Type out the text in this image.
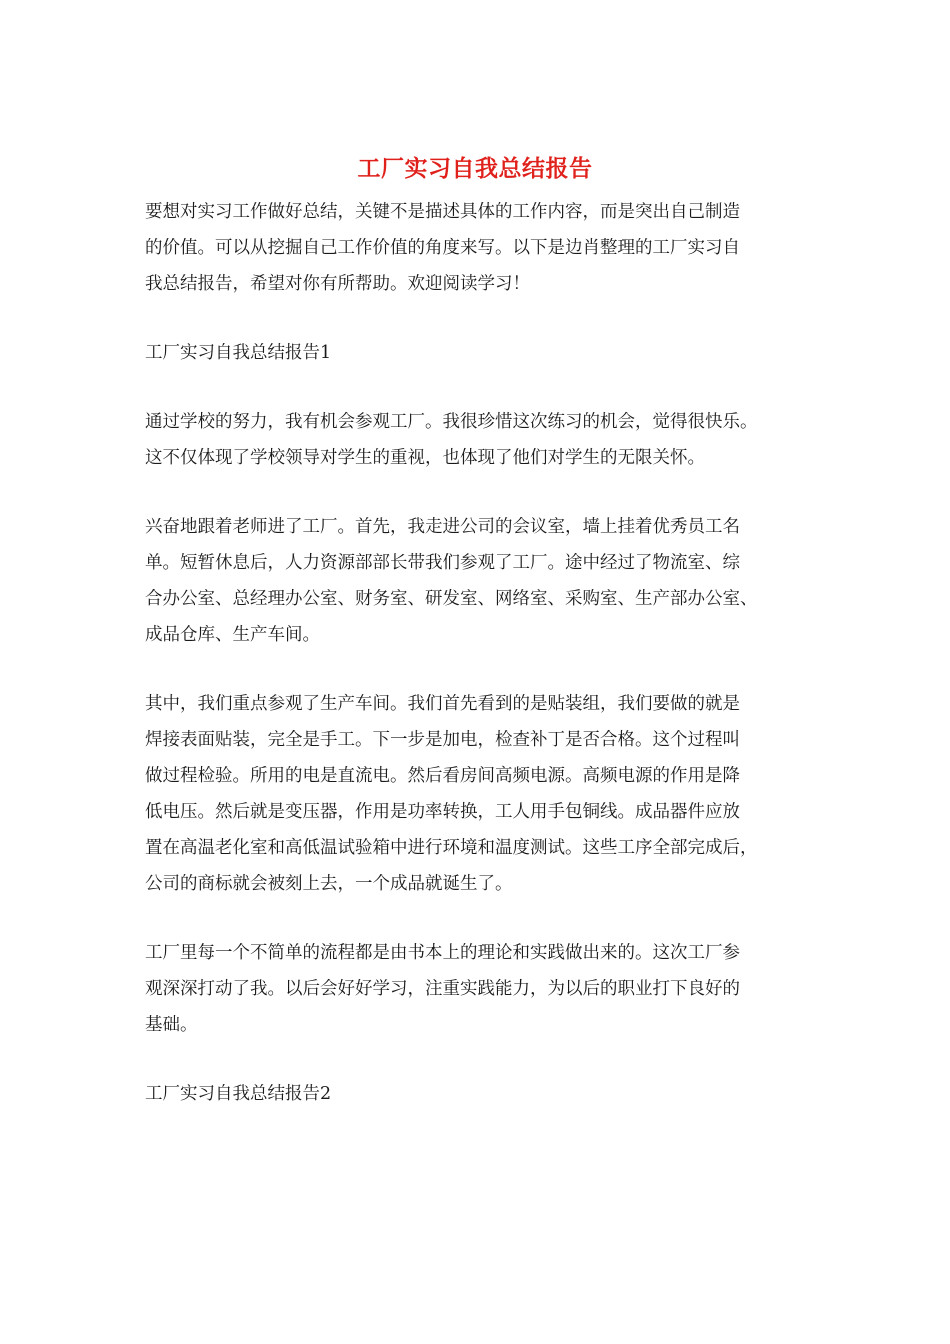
工厂实习自我总结报告

要想对实习工作做好总结，关键不是描述具体的工作内容，而是突出自己制造
的价值。可以从挖掘自己工作价值的角度来写。以下是边肖整理的工厂实习自
我总结报告，希望对你有所帮助。欢迎阅读学习！

工厂实习自我总结报告1

通过学校的努力，我有机会参观工厂。我很珍惜这次练习的机会，觉得很快乐。
这不仅体现了学校领导对学生的重视，也体现了他们对学生的无限关怀。

兴奋地跟着老师进了工厂。首先，我走进公司的会议室，墙上挂着优秀员工名
单。短暂休息后，人力资源部部长带我们参观了工厂。途中经过了物流室、综
合办公室、总经理办公室、财务室、研发室、网络室、采购室、生产部办公室、
成品仓库、生产车间。

其中，我们重点参观了生产车间。我们首先看到的是贴装组，我们要做的就是
焊接表面贴装，完全是手工。下一步是加电，检查补丁是否合格。这个过程叫
做过程检验。所用的电是直流电。然后看房间高频电源。高频电源的作用是降
低电压。然后就是变压器，作用是功率转换，工人用手包铜线。成品器件应放
置在高温老化室和高低温试验箱中进行环境和温度测试。这些工序全部完成后，
公司的商标就会被刻上去，一个成品就诞生了。

工厂里每一个不简单的流程都是由书本上的理论和实践做出来的。这次工厂参
观深深打动了我。以后会好好学习，注重实践能力，为以后的职业打下良好的
基础。

工厂实习自我总结报告2
